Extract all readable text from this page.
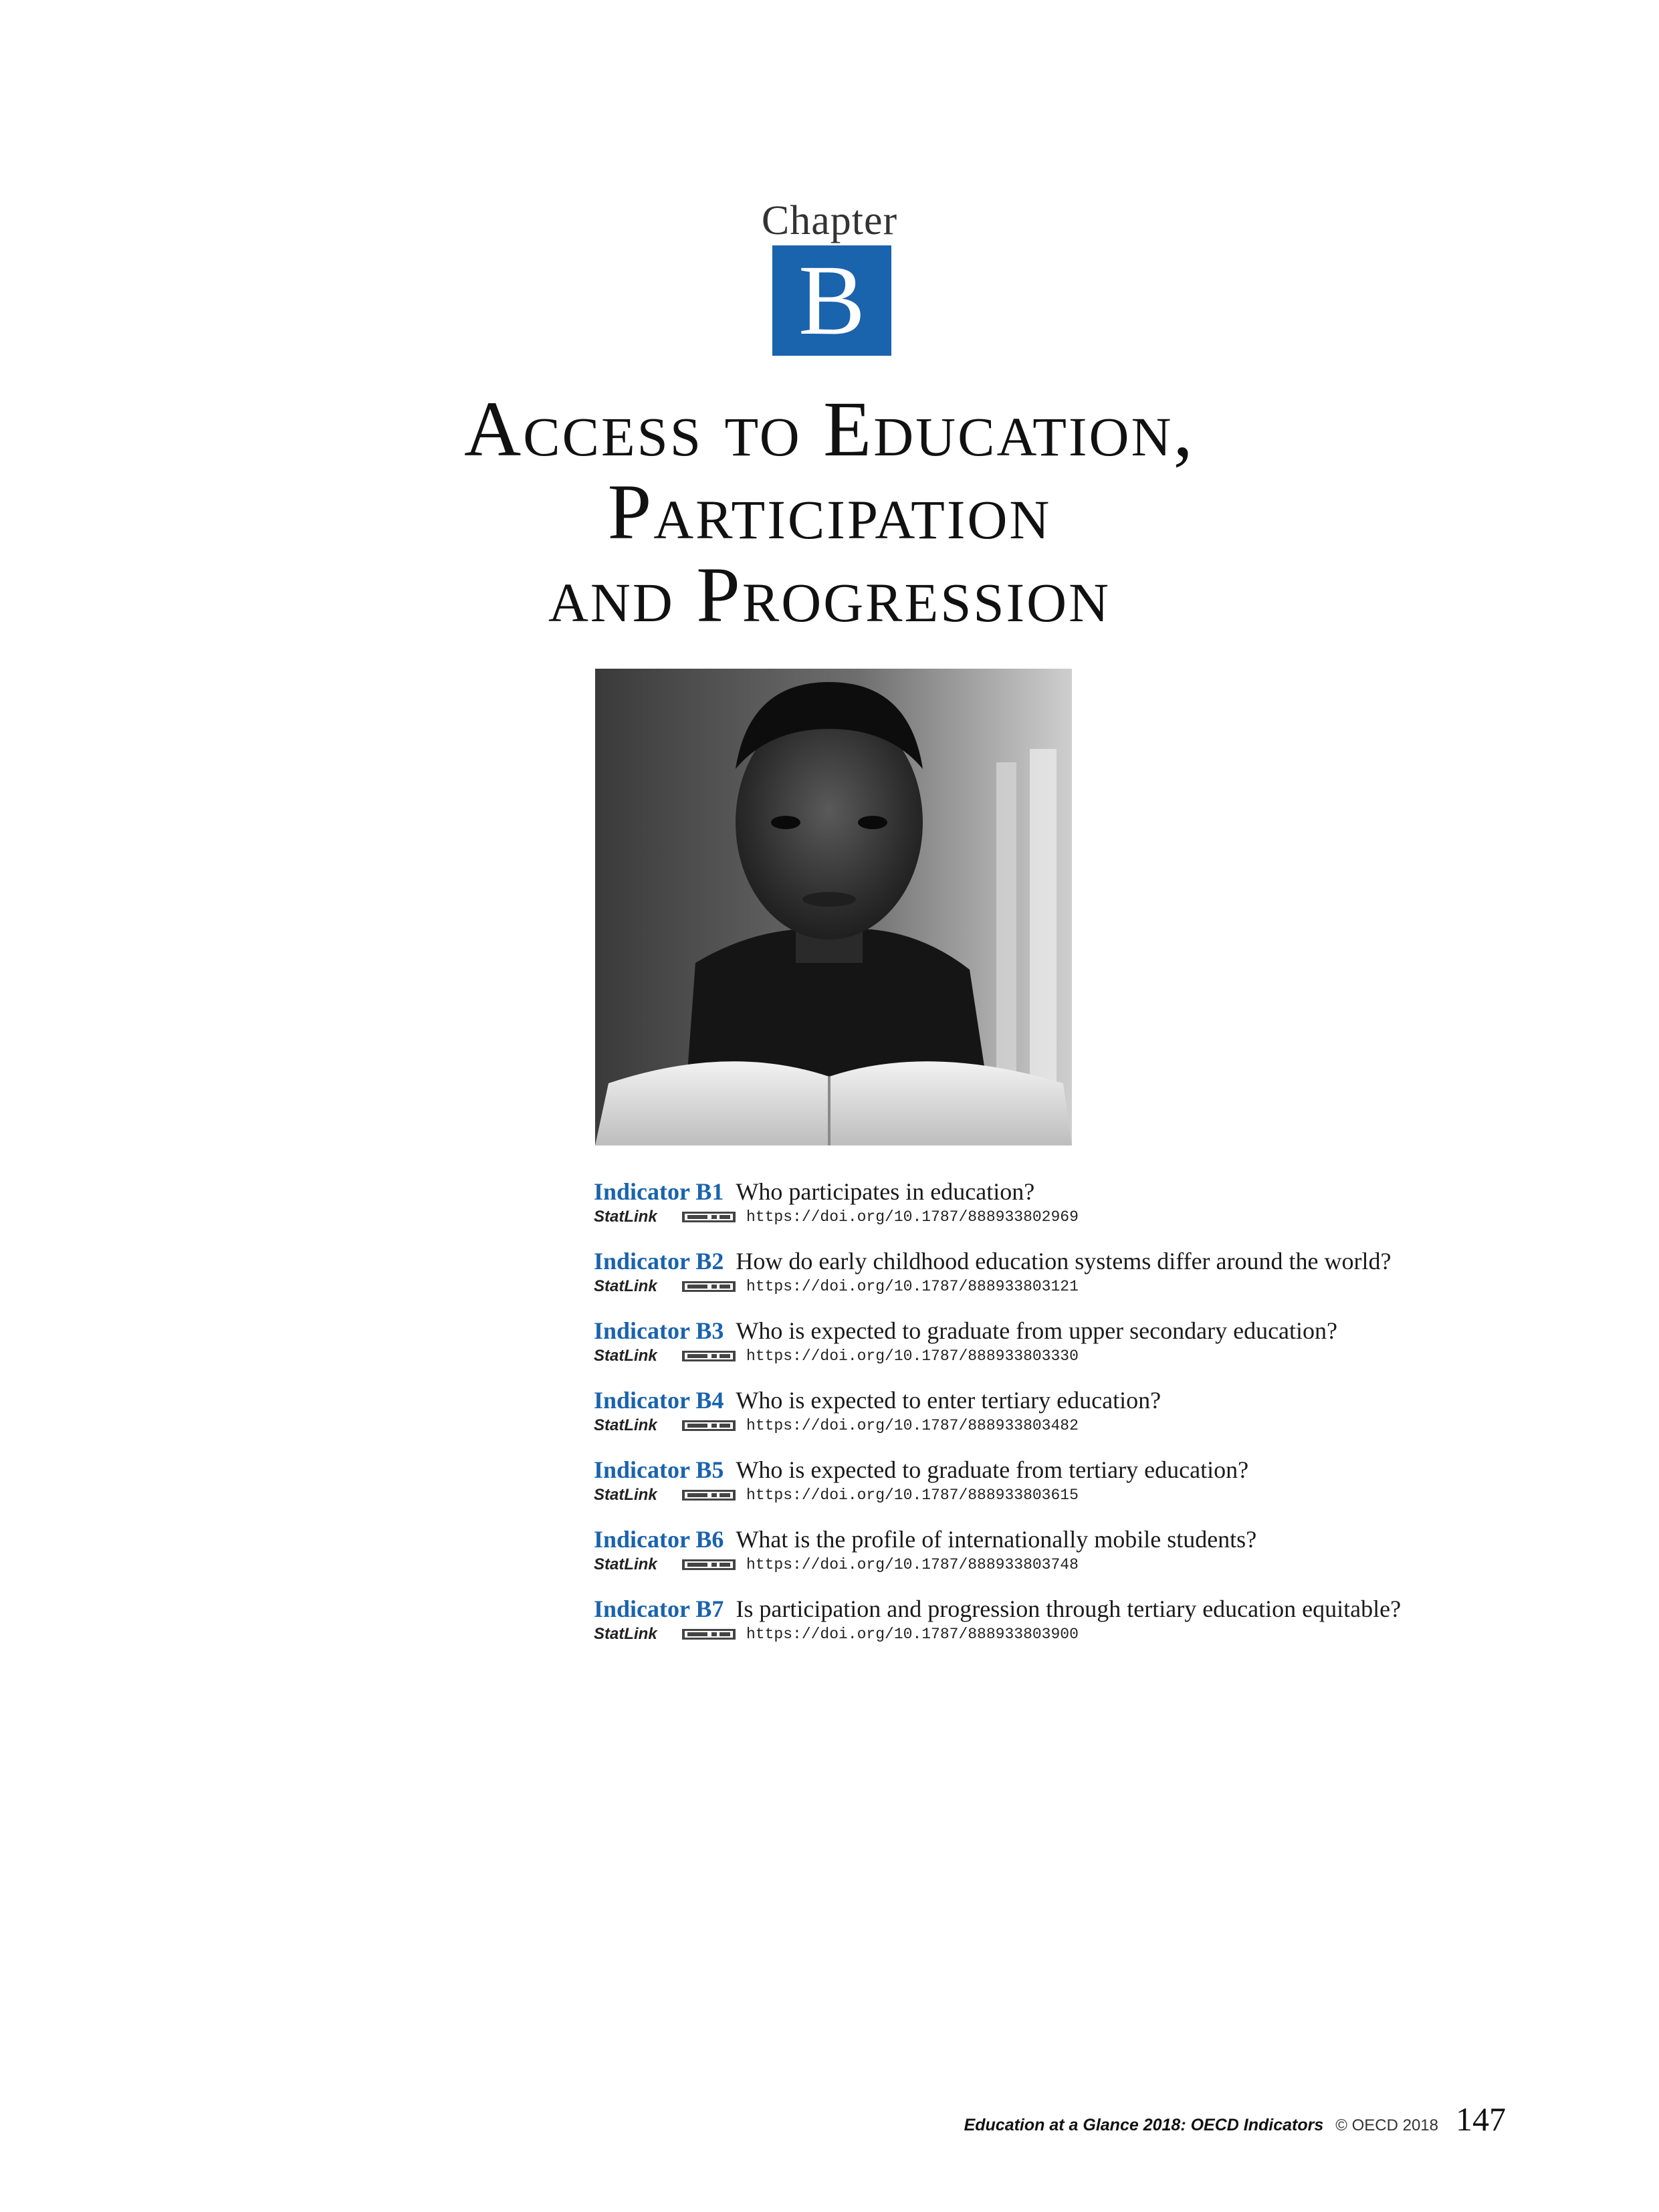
Chapter
B
Access to Education,
Participation
and Progression
Indicator B1 Who participates in education?
StatLink	https://doi.org/10.1787/888933802969
Indicator B2 How do early childhood education systems differ around the world?
StatLink	https://doi.org/10.1787/888933803121
Indicator B3 Who is expected to graduate from upper secondary education?
StatLink	https://doi.org/10.1787/888933803330
Indicator B4 Who is expected to enter tertiary education?
StatLink	https://doi.org/10.1787/888933803482
Indicator B5 Who is expected to graduate from tertiary education?
StatLink	https://doi.org/10.1787/888933803615
Indicator B6 What is the profile of internationally mobile students?
StatLink	https://doi.org/10.1787/888933803748
Indicator B7 Is participation and progression through tertiary education equitable?
StatLink	https://doi.org/10.1787/888933803900
Education at a Glance 2018: OECD Indicators © OECD 2018 147
